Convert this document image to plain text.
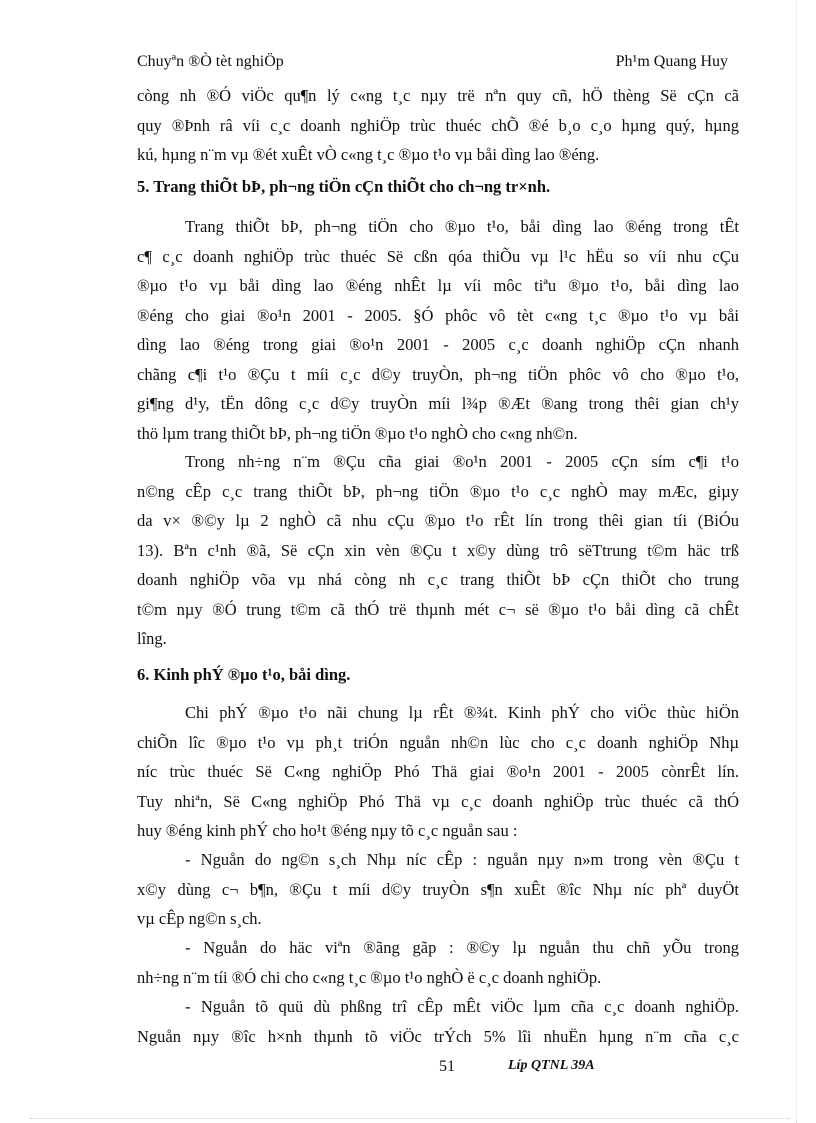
Chuyªn ®Ò tèt nghiÖp	Ph¹m Quang Huy
còng nh ®Ó viÖc qu¶n lý c«ng t¸c nµy trë nªn quy cñ, hÖ thèng Së cÇn cã
quy ®Þnh râ víi c¸c doanh nghiÖp trùc thuéc chÕ ®é b¸o c¸o hµng quý, hµng
kú, hµng n¨m vµ ®ét xuÊt vÒ c«ng t¸c ®µo t¹o vµ båi dìng lao ®éng.
5. Trang thiÕt bÞ, ph¬ng tiÖn cÇn thiÕt cho ch¬ng tr×nh.
Trang thiÕt bÞ, ph¬ng tiÖn cho ®µo t¹o, båi dìng lao ®éng trong tÊt
c¶ c¸c doanh nghiÖp trùc thuéc Së cßn qóa thiÕu vµ l¹c hËu so víi nhu cÇu
®µo t¹o vµ båi dìng lao ®éng nhÊt lµ víi môc tiªu ®µo t¹o, båi dìng lao
®éng cho giai ®o¹n 2001 - 2005. §Ó phôc vô tèt c«ng t¸c ®µo t¹o vµ båi
dìng lao ®éng trong giai ®o¹n 2001 - 2005 c¸c doanh nghiÖp cÇn nhanh
chãng c¶i t¹o ®Çu t míi c¸c d©y truyÒn, ph¬ng tiÖn phôc vô cho ®µo t¹o,
gi¶ng d¹y, tËn dông c¸c d©y truyÒn míi l¾p ®Æt ®ang trong thêi gian ch¹y
thö lµm trang thiÕt bÞ, ph¬ng tiÖn ®µo t¹o nghÒ cho c«ng nh©n.
Trong nh÷ng n¨m ®Çu cña giai ®o¹n 2001 - 2005 cÇn sím c¶i t¹o
n©ng cÊp c¸c trang thiÕt bÞ, ph¬ng tiÖn ®µo t¹o c¸c nghÒ may mÆc, giµy
da v× ®©y lµ 2 nghÒ cã nhu cÇu ®µo t¹o rÊt lín trong thêi gian tíi (BiÓu
13). Bªn c¹nh ®ã, Së cÇn xin vèn ®Çu t x©y dùng trô sëTtrung t©m häc trß
doanh nghiÖp võa vµ nhá còng nh c¸c trang thiÕt bÞ cÇn thiÕt cho trung
t©m nµy ®Ó trung t©m cã thÓ trë thµnh mét c¬ së ®µo t¹o båi dìng cã chÊt
lîng.
6. Kinh phÝ ®µo t¹o, båi dìng.
Chi phÝ ®µo t¹o nãi chung lµ rÊt ®¾t. Kinh phÝ cho viÖc thùc hiÖn
chiÕn lîc ®µo t¹o vµ ph¸t triÓn nguån nh©n lùc cho c¸c doanh nghiÖp Nhµ
níc trùc thuéc Së C«ng nghiÖp Phó Thä giai ®o¹n 2001 - 2005 cònrÊt lín.
Tuy nhiªn, Së C«ng nghiÖp Phó Thä vµ c¸c doanh nghiÖp trùc thuéc cã thÓ
huy ®éng kinh phÝ cho ho¹t ®éng nµy tõ c¸c nguån sau :
- Nguån do ng©n s¸ch Nhµ níc cÊp : nguån nµy n»m trong vèn ®Çu t
x©y dùng c¬ b¶n, ®Çu t míi d©y truyÒn s¶n xuÊt ®îc Nhµ níc phª duyÖt
vµ cÊp ng©n s¸ch.
- Nguån do häc viªn ®ãng gãp : ®©y lµ nguån thu chñ yÕu trong
nh÷ng n¨m tíi ®Ó chi cho c«ng t¸c ®µo t¹o nghÒ ë c¸c doanh nghiÖp.
- Nguån tõ quü dù phßng trî cÊp mÊt viÖc lµm cña c¸c doanh nghiÖp.
Nguån nµy ®îc h×nh thµnh tõ viÖc trÝch 5% lîi nhuËn hµng n¨m cña c¸c
51	Líp QTNL 39A
